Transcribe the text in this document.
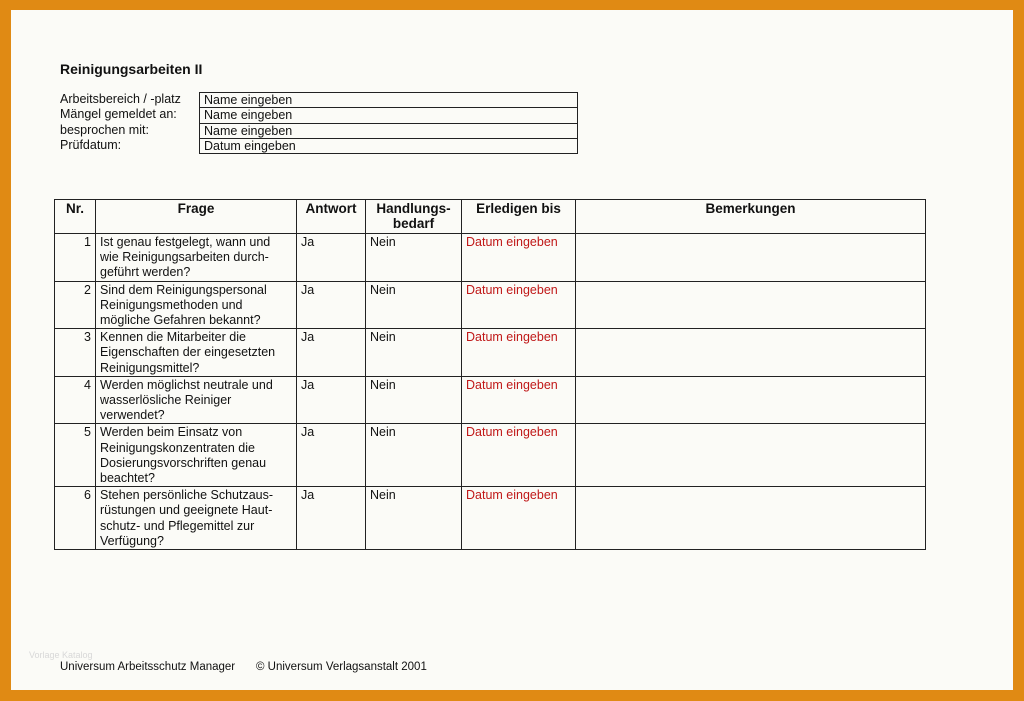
Reinigungsarbeiten II
Arbeitsbereich / -platz	Name eingeben
Mängel gemeldet an:	Name eingeben
besprochen mit:	Name eingeben
Prüfdatum:	Datum eingeben
Nr.	Frage	Antwort	Handlungs-bedarf	Erledigen bis	Bemerkungen
1	Ist genau festgelegt, wann und wie Reinigungsarbeiten durch-geführt werden?	Ja	Nein	Datum eingeben	
2	Sind dem Reinigungspersonal Reinigungsmethoden und mögliche Gefahren bekannt?	Ja	Nein	Datum eingeben	
3	Kennen die Mitarbeiter die Eigenschaften der eingesetzten Reinigungsmittel?	Ja	Nein	Datum eingeben	
4	Werden möglichst neutrale und wasserlösliche Reiniger verwendet?	Ja	Nein	Datum eingeben	
5	Werden beim Einsatz von Reinigungskonzentraten die Dosierungsvorschriften genau beachtet?	Ja	Nein	Datum eingeben	
6	Stehen persönliche Schutzaus-rüstungen und geeignete Haut-schutz- und Pflegemittel zur Verfügung?	Ja	Nein	Datum eingeben	
Vorlage Katalog
Universum Arbeitsschutz Manager © Universum Verlagsanstalt 2001
